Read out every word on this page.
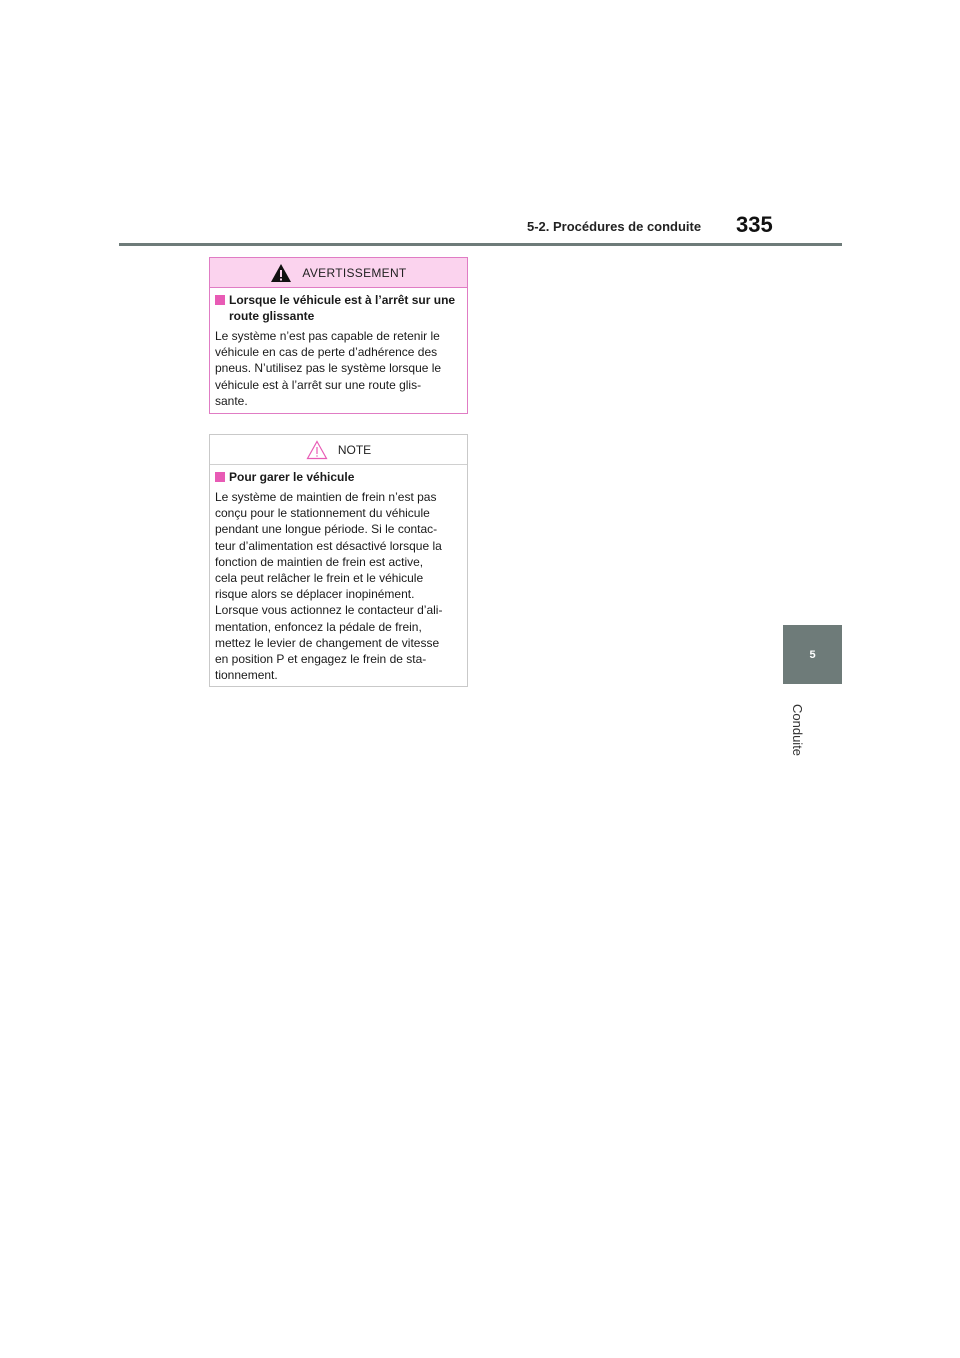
5-2. Procédures de conduite 335
5
Conduite
AVERTISSEMENT
Lorsque le véhicule est à l’arrêt sur une route glissante
Le système n’est pas capable de retenir le
véhicule en cas de perte d’adhérence des
pneus. N’utilisez pas le système lorsque le
véhicule est à l’arrêt sur une route glis-
sante.
NOTE
Pour garer le véhicule
Le système de maintien de frein n’est pas
conçu pour le stationnement du véhicule
pendant une longue période. Si le contac-
teur d’alimentation est désactivé lorsque la
fonction de maintien de frein est active,
cela peut relâcher le frein et le véhicule
risque alors se déplacer inopinément.
Lorsque vous actionnez le contacteur d’ali-
mentation, enfoncez la pédale de frein,
mettez le levier de changement de vitesse
en position P et engagez le frein de sta-
tionnement.
